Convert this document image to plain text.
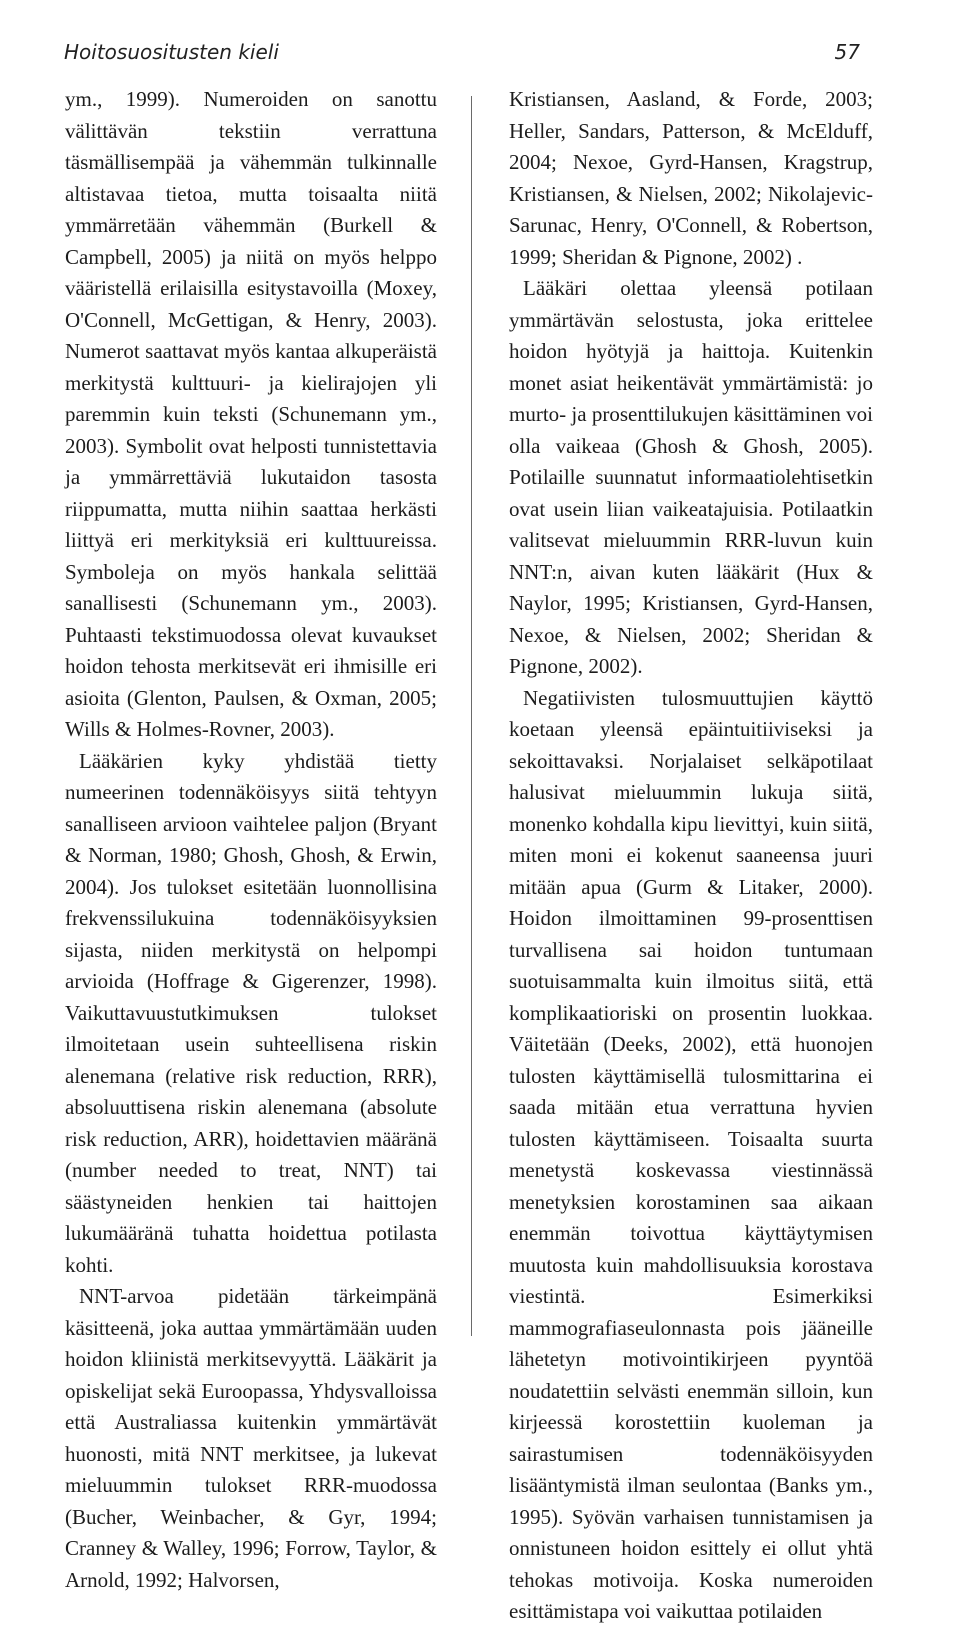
Hoitosuositusten kieli	57

ym., 1999). Numeroiden on sanottu välittävän tekstiin verrattuna täsmällisempää ja vähemmän tulkinnalle altistavaa tietoa, mutta toisaalta niitä ymmärretään vähemmän (Burkell & Campbell, 2005) ja niitä on myös helppo vääristellä erilaisilla esitystavoilla (Moxey, O'Connell, McGettigan, & Henry, 2003). Numerot saattavat myös kantaa alkuperäistä merkitystä kulttuuri- ja kielirajojen yli paremmin kuin teksti (Schunemann ym., 2003). Symbolit ovat helposti tunnistettavia ja ymmärrettäviä lukutaidon tasosta riippumatta, mutta niihin saattaa herkästi liittyä eri merkityksiä eri kulttuureissa. Symboleja on myös hankala selittää sanallisesti (Schunemann ym., 2003). Puhtaasti tekstimuodossa olevat kuvaukset hoidon tehosta merkitsevät eri ihmisille eri asioita (Glenton, Paulsen, & Oxman, 2005; Wills & Holmes-Rovner, 2003).

Lääkärien kyky yhdistää tietty numeerinen todennäköisyys siitä tehtyyn sanalliseen arvioon vaihtelee paljon (Bryant & Norman, 1980; Ghosh, Ghosh, & Erwin, 2004). Jos tulokset esitetään luonnollisina frekvenssilukuina todennäköisyyksien sijasta, niiden merkitystä on helpompi arvioida (Hoffrage & Gigerenzer, 1998). Vaikuttavuustutkimuksen tulokset ilmoitetaan usein suhteellisena riskin alenemana (relative risk reduction, RRR), absoluuttisena riskin alenemana (absolute risk reduction, ARR), hoidettavien määränä (number needed to treat, NNT) tai säästyneiden henkien tai haittojen lukumääränä tuhatta hoidettua potilasta kohti.

NNT-arvoa pidetään tärkeimpänä käsitteenä, joka auttaa ymmärtämään uuden hoidon kliinistä merkitsevyyttä. Lääkärit ja opiskelijat sekä Euroopassa, Yhdysvalloissa että Australiassa kuitenkin ymmärtävät huonosti, mitä NNT merkitsee, ja lukevat mieluummin tulokset RRR-muodossa (Bucher, Weinbacher, & Gyr, 1994; Cranney & Walley, 1996; Forrow, Taylor, & Arnold, 1992; Halvorsen,

Kristiansen, Aasland, & Forde, 2003; Heller, Sandars, Patterson, & McElduff, 2004; Nexoe, Gyrd-Hansen, Kragstrup, Kristiansen, & Nielsen, 2002; Nikolajevic-Sarunac, Henry, O'Connell, & Robertson, 1999; Sheridan & Pignone, 2002) .

Lääkäri olettaa yleensä potilaan ymmärtävän selostusta, joka erittelee hoidon hyötyjä ja haittoja. Kuitenkin monet asiat heikentävät ymmärtämistä: jo murto- ja prosenttilukujen käsittäminen voi olla vaikeaa (Ghosh & Ghosh, 2005). Potilaille suunnatut informaatiolehtisetkin ovat usein liian vaikeatajuisia. Potilaatkin valitsevat mieluummin RRR-luvun kuin NNT:n, aivan kuten lääkärit (Hux & Naylor, 1995; Kristiansen, Gyrd-Hansen, Nexoe, & Nielsen, 2002; Sheridan & Pignone, 2002).

Negatiivisten tulosmuuttujien käyttö koetaan yleensä epäintuitiiviseksi ja sekoittavaksi. Norjalaiset selkäpotilaat halusivat mieluummin lukuja siitä, monenko kohdalla kipu lievittyi, kuin siitä, miten moni ei kokenut saaneensa juuri mitään apua (Gurm & Litaker, 2000). Hoidon ilmoittaminen 99-prosenttisen turvallisena sai hoidon tuntumaan suotuisammalta kuin ilmoitus siitä, että komplikaatioriski on prosentin luokkaa. Väitetään (Deeks, 2002), että huonojen tulosten käyttämisellä tulosmittarina ei saada mitään etua verrattuna hyvien tulosten käyttämiseen. Toisaalta suurta menetystä koskevassa viestinnässä menetyksien korostaminen saa aikaan enemmän toivottua käyttäytymisen muutosta kuin mahdollisuuksia korostava viestintä. Esimerkiksi mammografiaseulonnasta pois jääneille lähetetyn motivointikirjeen pyyntöä noudatettiin selvästi enemmän silloin, kun kirjeessä korostettiin kuoleman ja sairastumisen todennäköisyyden lisääntymistä ilman seulontaa (Banks ym., 1995). Syövän varhaisen tunnistamisen ja onnistuneen hoidon esittely ei ollut yhtä tehokas motivoija. Koska numeroiden esittämistapa voi vaikuttaa potilaiden
